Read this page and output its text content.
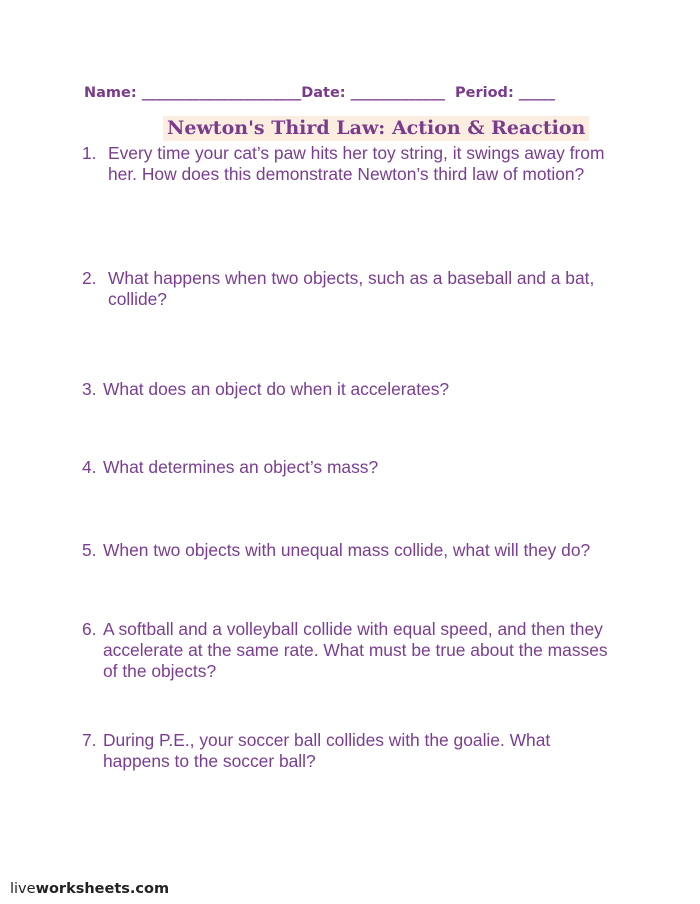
Name: ______________________Date: _____________ Period: _____
Newton's Third Law: Action & Reaction
1. Every time your cat’s paw hits her toy string, it swings away from her. How does this demonstrate Newton’s third law of motion?
2. What happens when two objects, such as a baseball and a bat, collide?
3. What does an object do when it accelerates?
4. What determines an object’s mass?
5. When two objects with unequal mass collide, what will they do?
6. A softball and a volleyball collide with equal speed, and then they accelerate at the same rate. What must be true about the masses of the objects?
7. During P.E., your soccer ball collides with the goalie. What happens to the soccer ball?
liveworksheets.com
